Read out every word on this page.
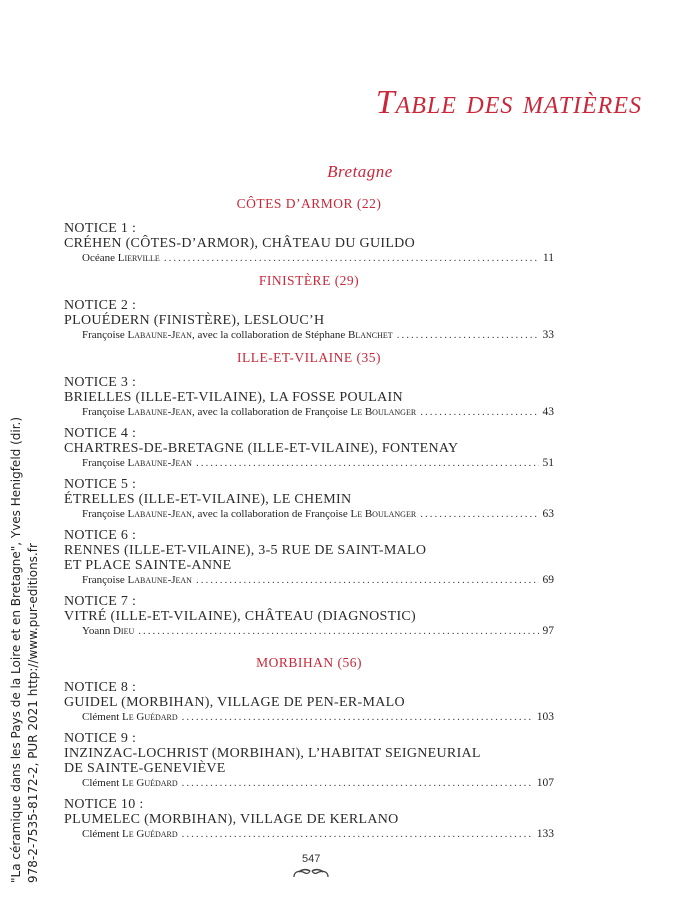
Table des matières
Bretagne
CÔTES D’ARMOR (22)
NOTICE 1 :
CRÉHEN (CÔTES-D’ARMOR), CHÂTEAU DU GUILDO
Océane Lierville .....	11
FINISTÈRE (29)
NOTICE 2 :
PLOUÉDERN (FINISTÈRE), LESLOUC’H
Françoise Labaune-Jean, avec la collaboration de Stéphane Blanchet .....	33
ILLE-ET-VILAINE (35)
NOTICE 3 :
BRIELLES (ILLE-ET-VILAINE), LA FOSSE POULAIN
Françoise Labaune-Jean, avec la collaboration de Françoise Le Boulanger .....	43
NOTICE 4 :
CHARTRES-DE-BRETAGNE (ILLE-ET-VILAINE), FONTENAY
Françoise Labaune-Jean .....	51
NOTICE 5 :
ÉTRELLES (ILLE-ET-VILAINE), LE CHEMIN
Françoise Labaune-Jean, avec la collaboration de Françoise Le Boulanger .....	63
NOTICE 6 :
RENNES (ILLE-ET-VILAINE), 3-5 RUE DE SAINT-MALO
ET PLACE SAINTE-ANNE
Françoise Labaune-Jean .....	69
NOTICE 7 :
VITRÉ (ILLE-ET-VILAINE), CHÂTEAU (DIAGNOSTIC)
Yoann Dieu .....	97
MORBIHAN (56)
NOTICE 8 :
GUIDEL (MORBIHAN), VILLAGE DE PEN-ER-MALO
Clément Le Guédard .....	103
NOTICE 9 :
INZINZAC-LOCHRIST (MORBIHAN), L’HABITAT SEIGNEURIAL
DE SAINTE-GENEVIÈVE
Clément Le Guédard .....	107
NOTICE 10 :
PLUMELEC (MORBIHAN), VILLAGE DE KERLANO
Clément Le Guédard .....	133
547
"La céramique dans les Pays de la Loire et en Bretagne", Yves Henigfeld (dir.) 978-2-7535-8172-2, PUR 2021 http://www.pur-editions.fr
